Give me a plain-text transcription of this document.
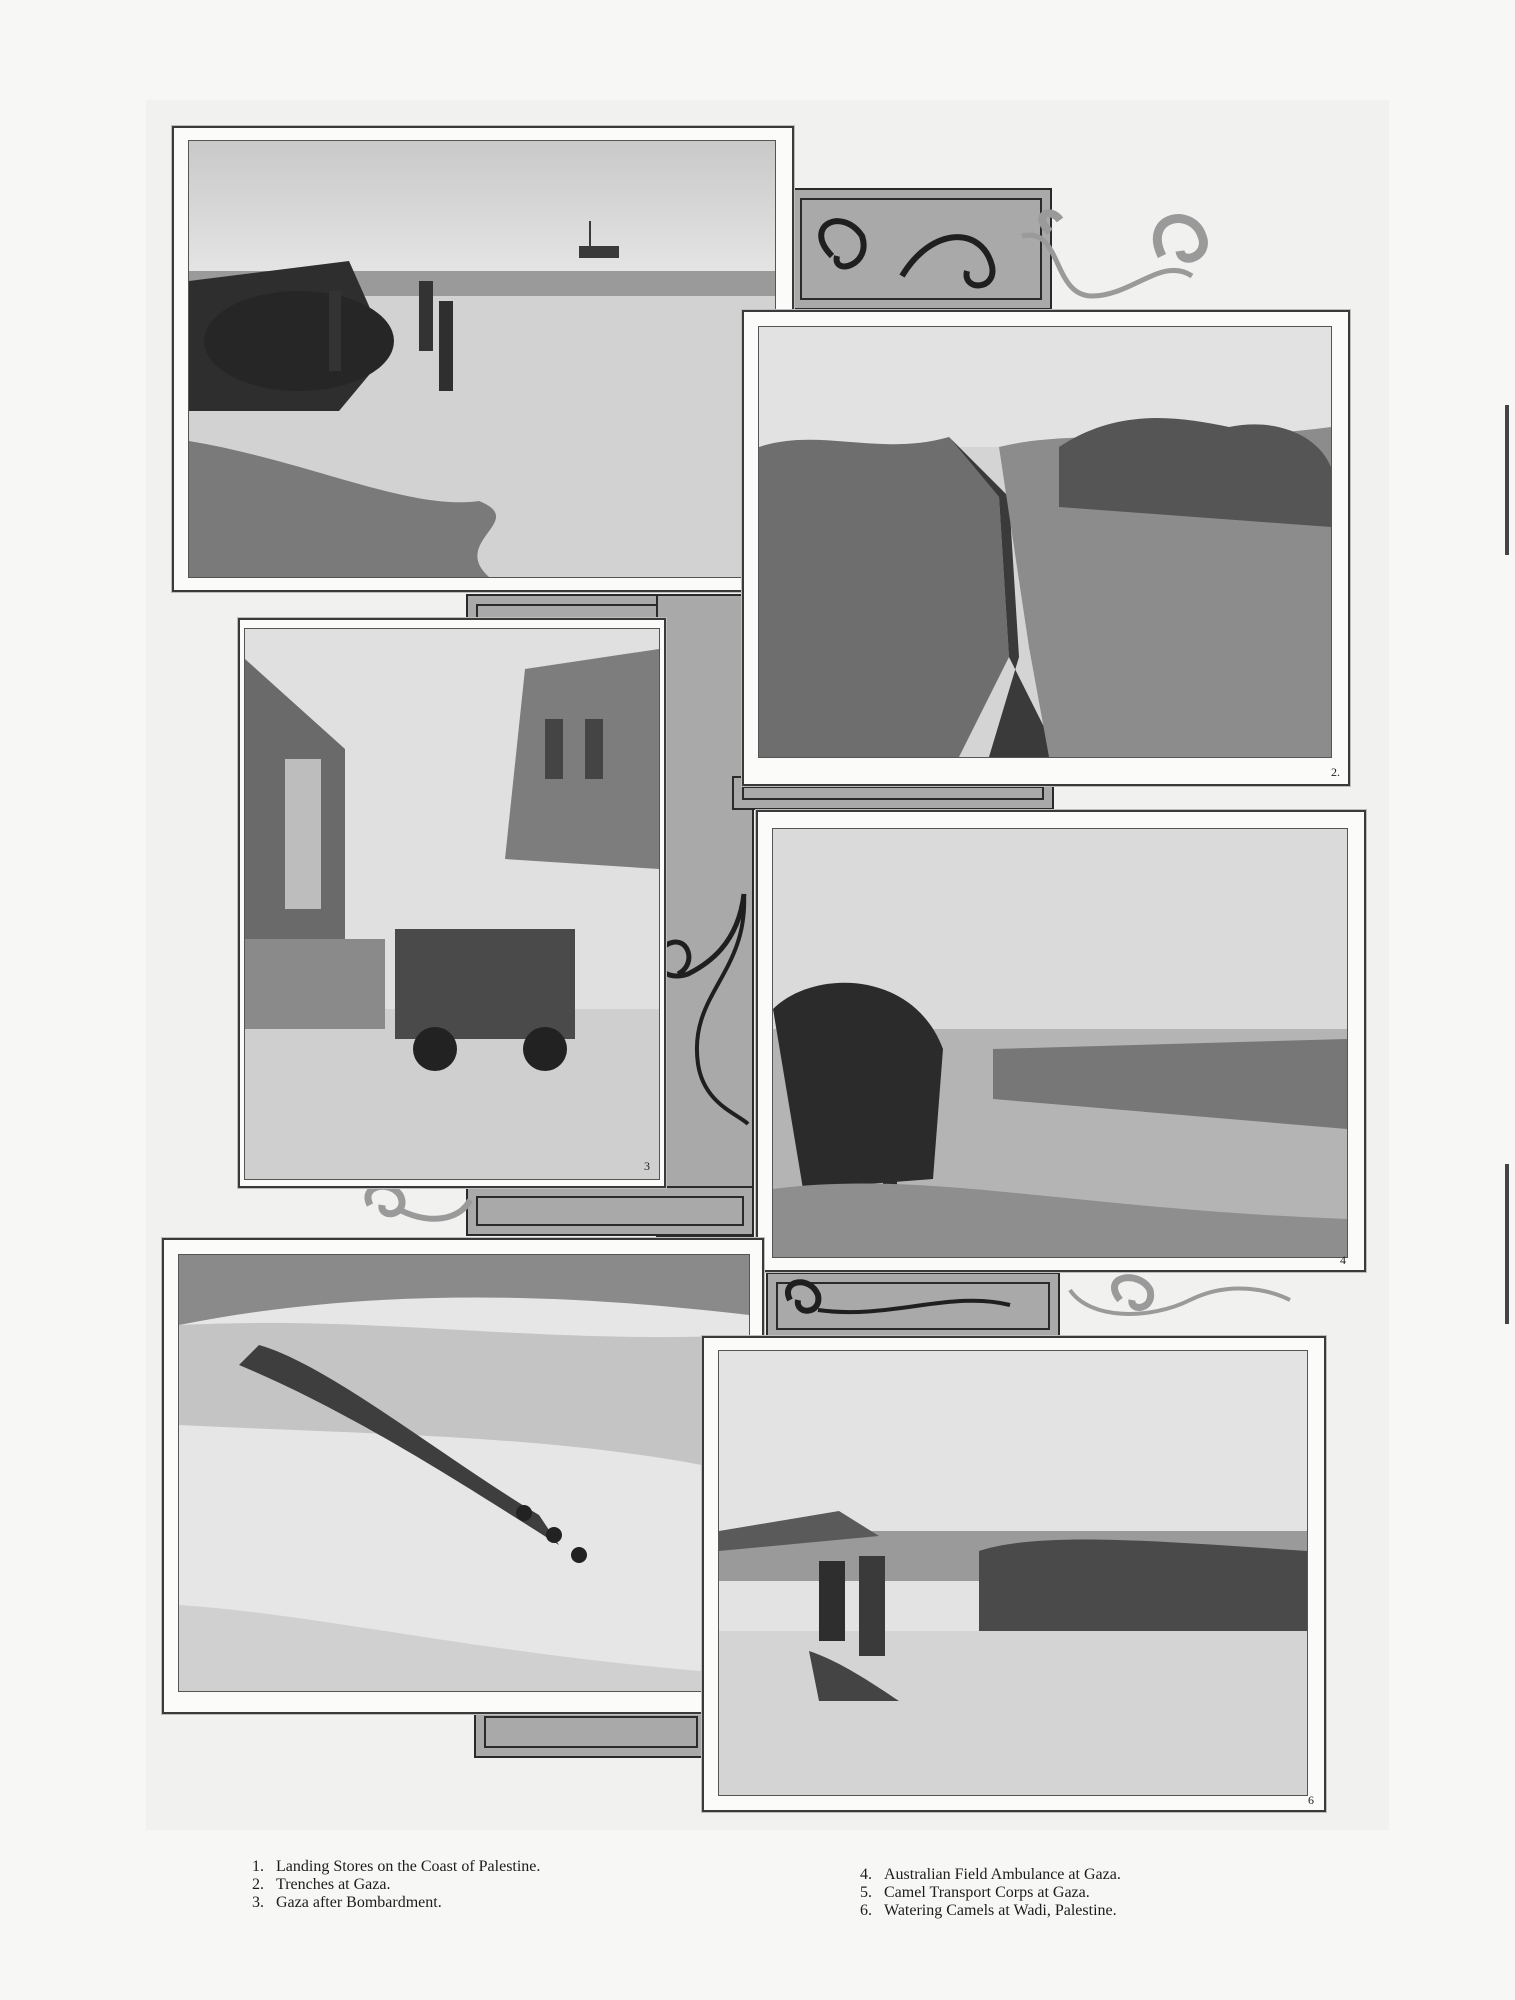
2.
3
4
6
1. Landing Stores on the Coast of Palestine.
2. Trenches at Gaza.
3. Gaza after Bombardment.
4. Australian Field Ambulance at Gaza.
5. Camel Transport Corps at Gaza.
6. Watering Camels at Wadi, Palestine.
